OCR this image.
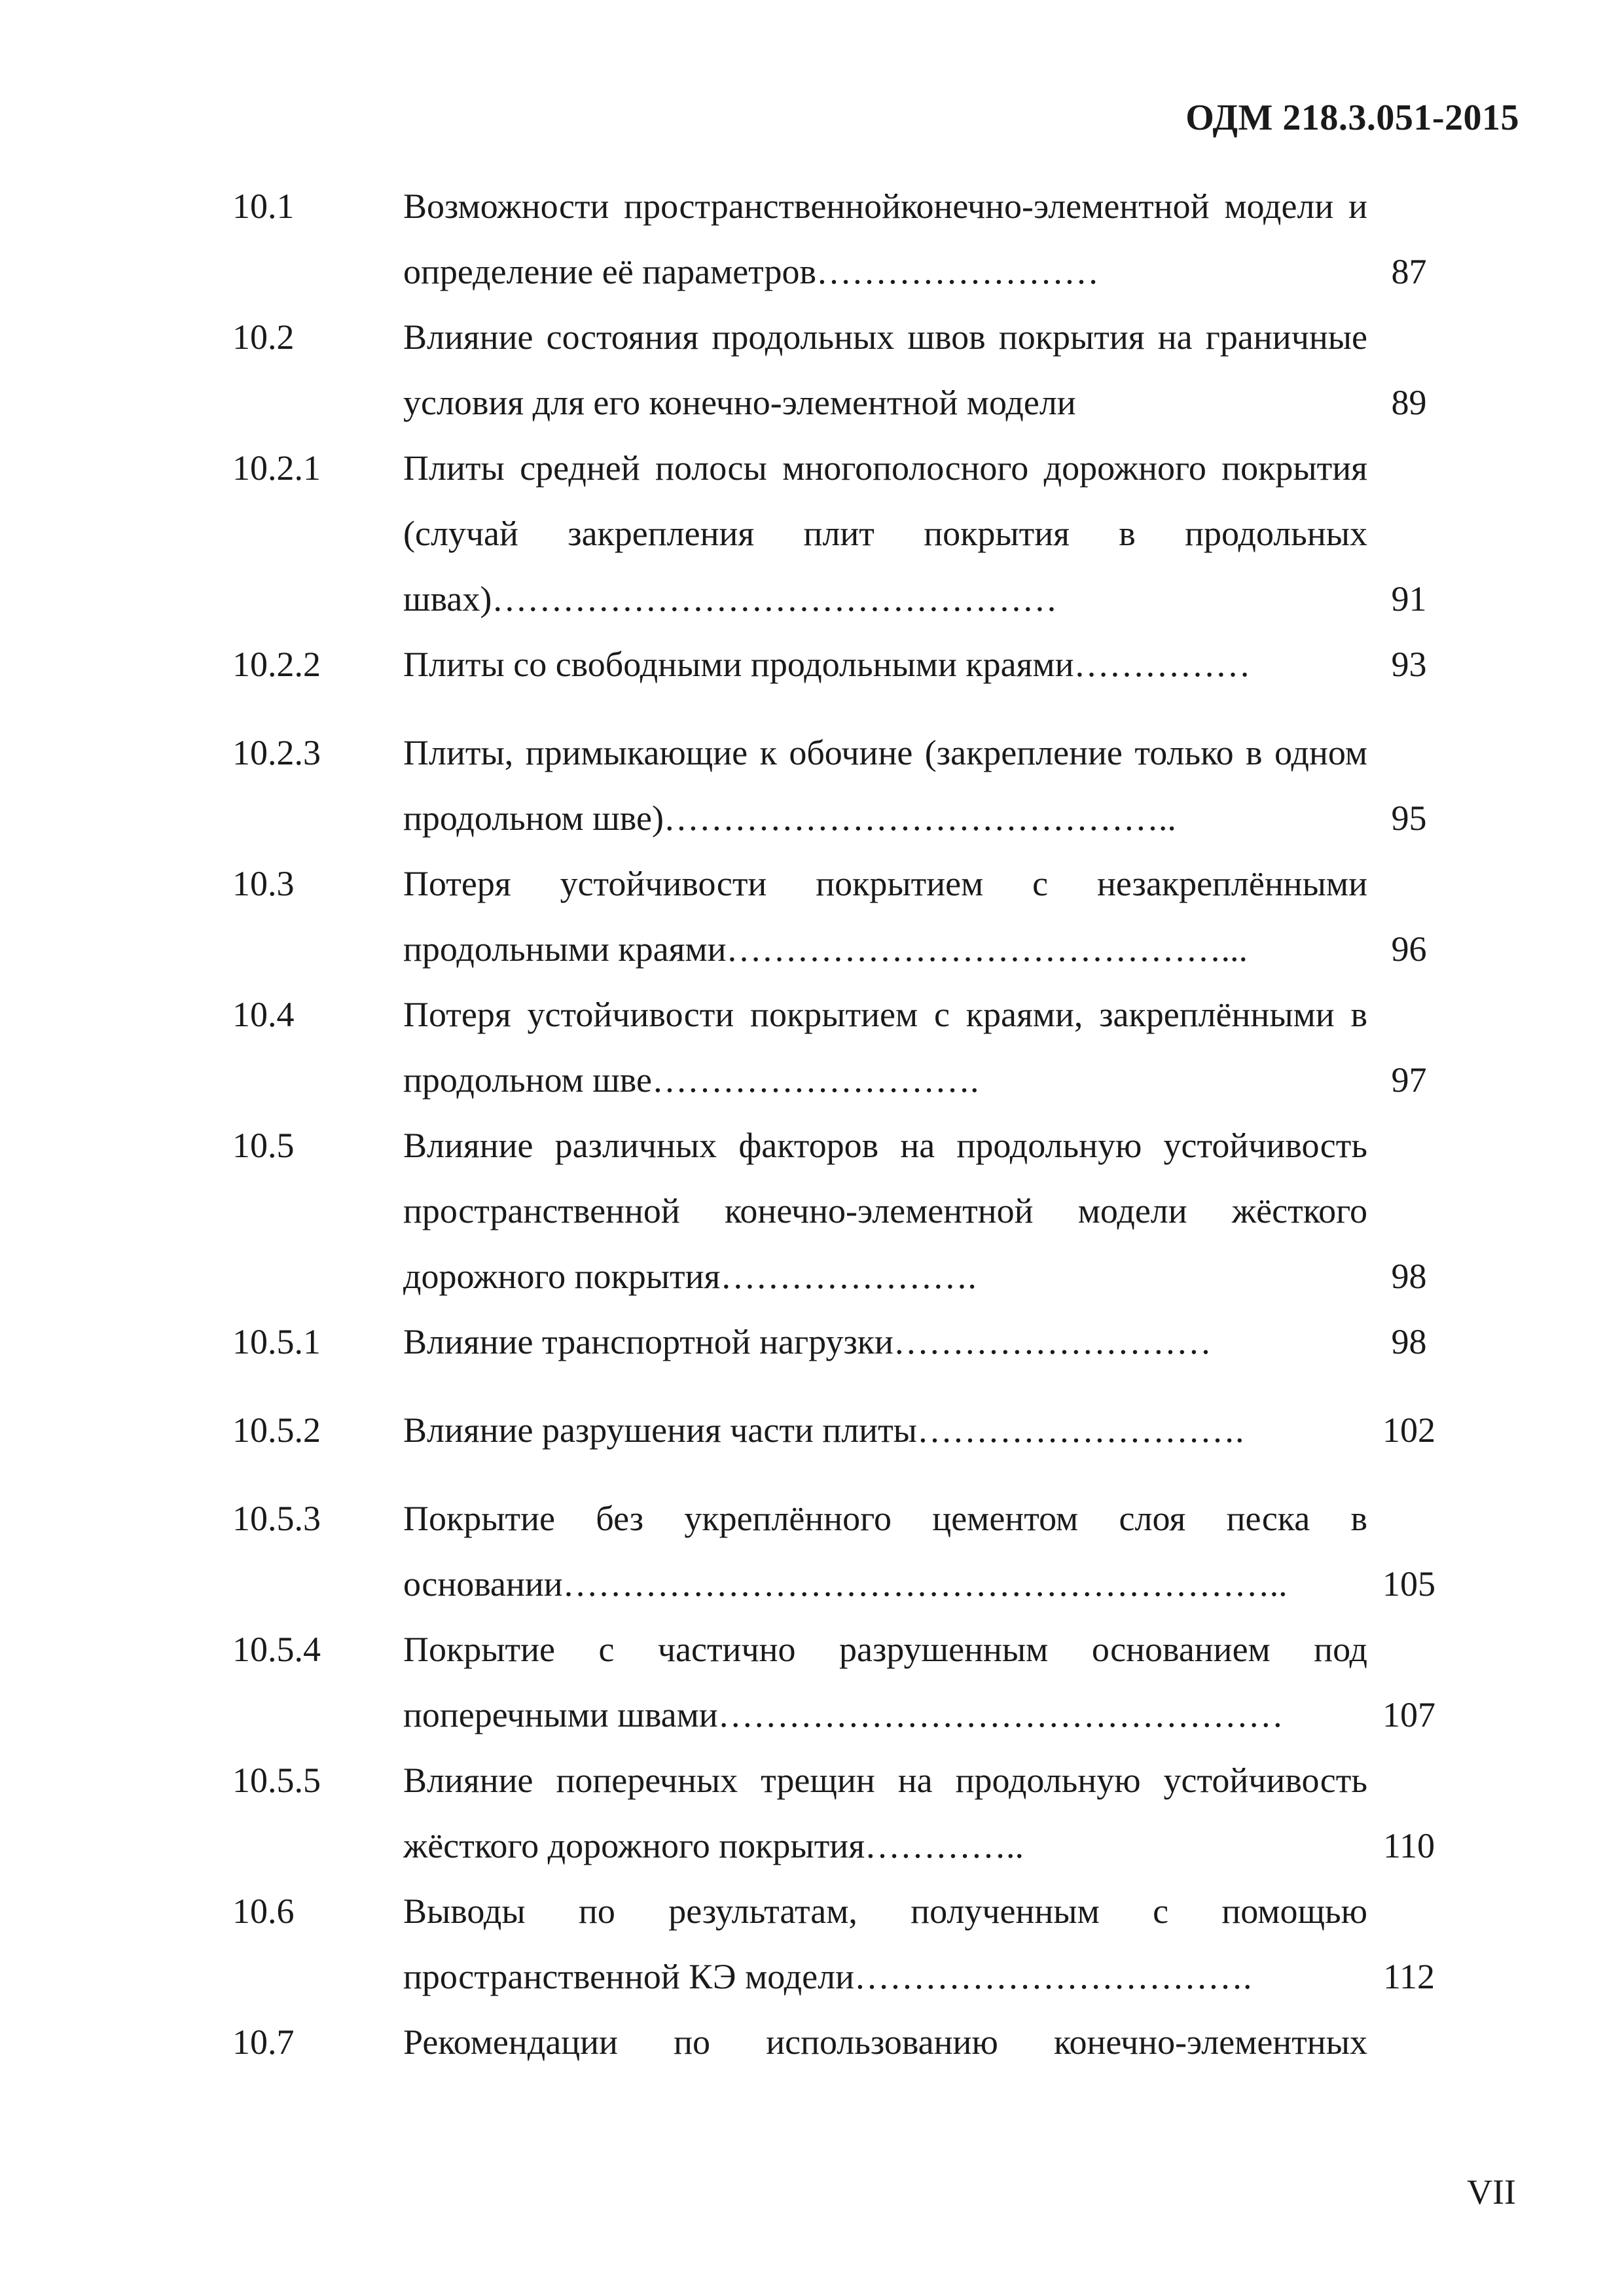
ОДМ 218.3.051-2015
10.1	Возможности пространственнойконечно-элементной модели и определение её параметров……………………	87
10.2	Влияние состояния продольных швов покрытия на граничные условия для его конечно-элементной модели	89
10.2.1 Плиты средней полосы многополосного дорожного покрытия (случай закрепления плит покрытия в продольных швах)…………………………………………	91
10.2.2 Плиты со свободными продольными краями……………	93
10.2.3 Плиты, примыкающие к обочине (закрепление только в одном продольном шве)……………………………………..	95
10.3	Потеря устойчивости покрытием с незакреплёнными продольными краями……………………………………...	96
10.4	Потеря устойчивости покрытием с краями, закреплёнными в продольном шве……………………….	97
10.5	Влияние различных факторов на продольную устойчивость пространственной конечно-элементной модели жёсткого дорожного покрытия………………….	98
10.5.1 Влияние транспортной нагрузки………………………	98
10.5.2 Влияние разрушения части плиты……………………….	102
10.5.3 Покрытие без укреплённого цементом слоя песка в основании……………………………………………………..	105
10.5.4 Покрытие с частично разрушенным основанием под поперечными швами…………………………………………	107
10.5.5 Влияние поперечных трещин на продольную устойчивость жёсткого дорожного покрытия…………..	110
10.6	Выводы по результатам, полученным с помощью пространственной КЭ модели…………………………….	112
10.7	Рекомендации по использованию конечно-элементных
VII
